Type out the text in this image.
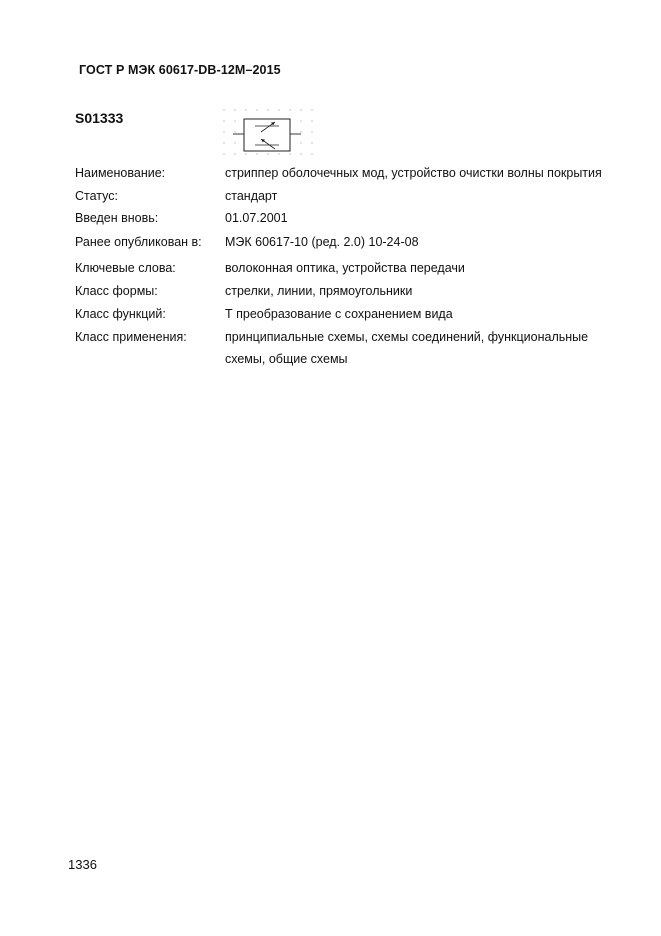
ГОСТ Р МЭК 60617-DB-12M–2015
S01333
Наименование:	стриппер оболочечных мод, устройство очистки волны покрытия
Статус:	стандарт
Введен вновь:	01.07.2001
Ранее опубликован в: МЭК 60617-10 (ред. 2.0) 10-24-08
Ключевые слова:	волоконная оптика, устройства передачи
Класс формы:	стрелки, линии, прямоугольники
Класс функций:	Т преобразование с сохранением вида
Класс применения:	принципиальные схемы, схемы соединений, функциональные
схемы, общие схемы
1336
